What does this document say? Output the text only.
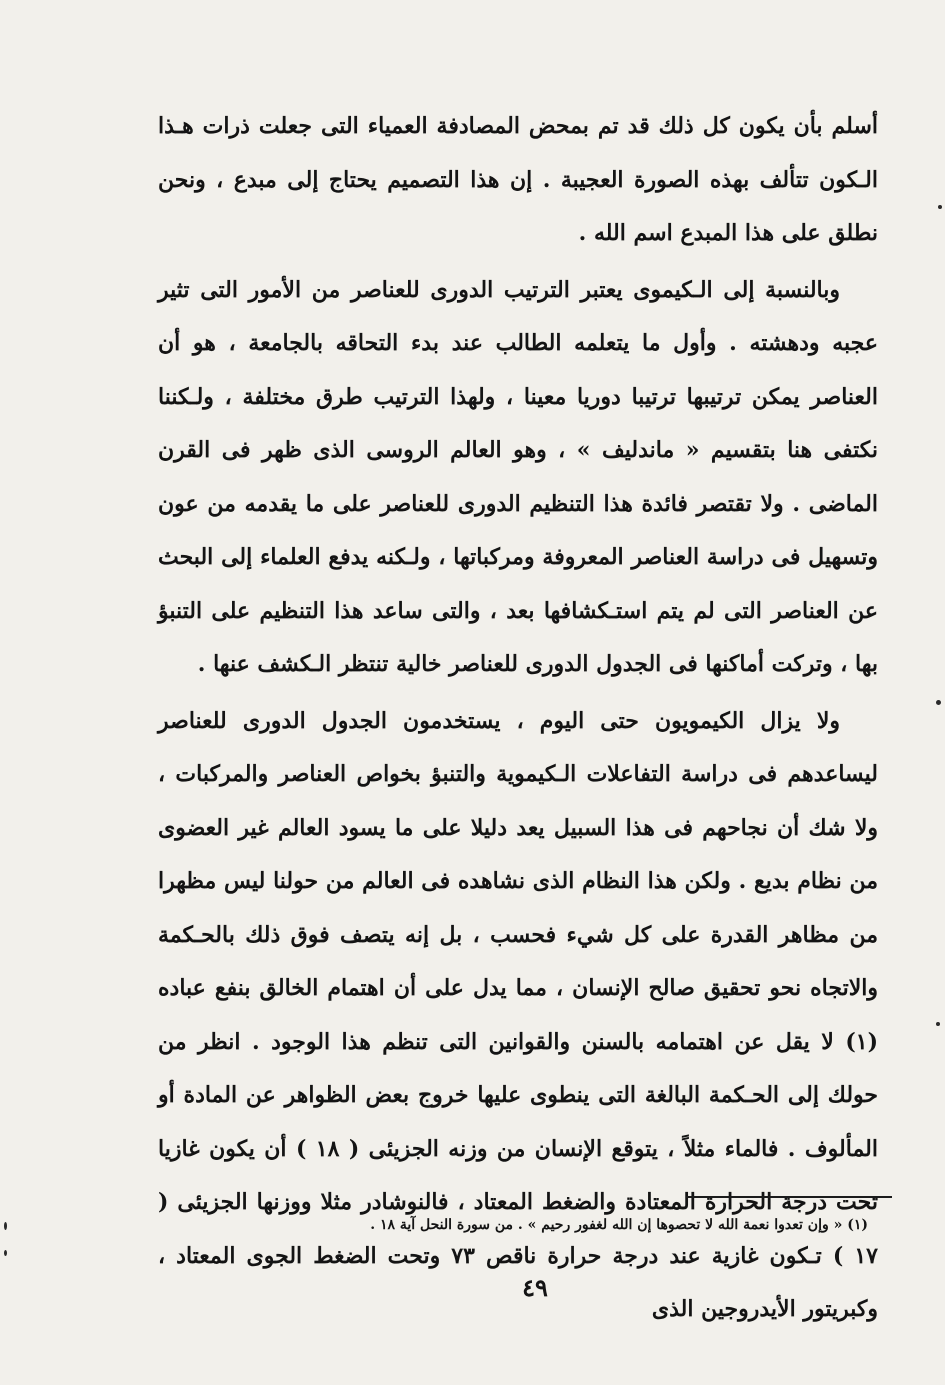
أسلم بأن يكون كل ذلك قد تم بمحض المصادفة العمياء التى جعلت ذرات هـذا الـكون تتألف بهذه الصورة العجيبة . إن هذا التصميم يحتاج إلى مبدع ، ونحن نطلق على هذا المبدع اسم الله .

وبالنسبة إلى الـكيموى يعتبر الترتيب الدورى للعناصر من الأمور التى تثير عجبه ودهشته . وأول ما يتعلمه الطالب عند بدء التحاقه بالجامعة ، هو أن العناصر يمكن ترتيبها ترتيبا دوريا معينا ، ولهذا الترتيب طرق مختلفة ، ولـكننا نكتفى هنا بتقسيم « ماندليف » ، وهو العالم الروسى الذى ظهر فى القرن الماضى . ولا تقتصر فائدة هذا التنظيم الدورى للعناصر على ما يقدمه من عون وتسهيل فى دراسة العناصر المعروفة ومركباتها ، ولـكنه يدفع العلماء إلى البحث عن العناصر التى لم يتم استـكشافها بعد ، والتى ساعد هذا التنظيم على التنبؤ بها ، وتركت أماكنها فى الجدول الدورى للعناصر خالية تنتظر الـكشف عنها .

ولا يزال الكيمويون حتى اليوم ، يستخدمون الجدول الدورى للعناصر ليساعدهم فى دراسة التفاعلات الـكيموية والتنبؤ بخواص العناصر والمركبات ، ولا شك أن نجاحهم فى هذا السبيل يعد دليلا على ما يسود العالم غير العضوى من نظام بديع . ولكن هذا النظام الذى نشاهده فى العالم من حولنا ليس مظهرا من مظاهر القدرة على كل شيء فحسب ، بل إنه يتصف فوق ذلك بالحـكمة والاتجاه نحو تحقيق صالح الإنسان ، مما يدل على أن اهتمام الخالق بنفع عباده (١) لا يقل عن اهتمامه بالسنن والقوانين التى تنظم هذا الوجود . انظر من حولك إلى الحـكمة البالغة التى ينطوى عليها خروج بعض الظواهر عن المادة أو المألوف . فالماء مثلاً ، يتوقع الإنسان من وزنه الجزيئى ( ١٨ ) أن يكون غازيا تحت درجة الحرارة المعتادة والضغط المعتاد ، فالنوشادر مثلا ووزنها الجزيئى ( ١٧ ) تـكون غازية عند درجة حرارة ناقص ٧٣ وتحت الضغط الجوى المعتاد ، وكبريتور الأيدروجين الذى

(١) « وإن تعدوا نعمة الله لا تحصوها إن الله لغفور رحيم » . من سورة النحل آية ١٨ .
٤٩
